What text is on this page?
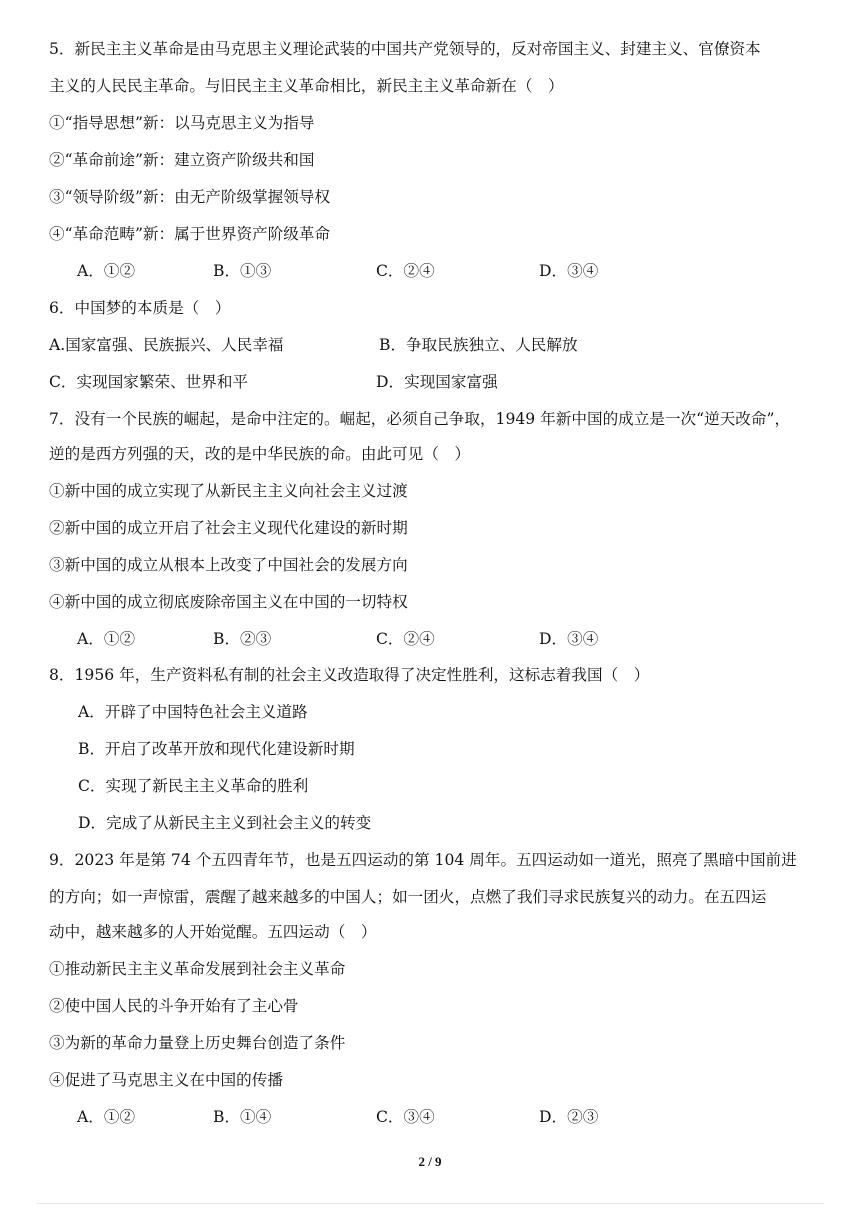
5．新民主主义革命是由马克思主义理论武装的中国共产党领导的，反对帝国主义、封建主义、官僚资本
主义的人民民主革命。与旧民主主义革命相比，新民主主义革命新在（　）
①“指导思想”新：以马克思主义为指导
②“革命前途”新：建立资产阶级共和国
③“领导阶级”新：由无产阶级掌握领导权
④“革命范畴”新：属于世界资产阶级革命
A．①②	B．①③	C．②④	D．③④
6．中国梦的本质是（　）
A.国家富强、民族振兴、人民幸福	B．争取民族独立、人民解放
C．实现国家繁荣、世界和平	D．实现国家富强
7．没有一个民族的崛起，是命中注定的。崛起，必须自己争取，1949 年新中国的成立是一次“逆天改命”，
逆的是西方列强的天，改的是中华民族的命。由此可见（　）
①新中国的成立实现了从新民主主义向社会主义过渡
②新中国的成立开启了社会主义现代化建设的新时期
③新中国的成立从根本上改变了中国社会的发展方向
④新中国的成立彻底废除帝国主义在中国的一切特权
A．①②	B．②③	C．②④	D．③④
8．1956 年，生产资料私有制的社会主义改造取得了决定性胜利，这标志着我国（　）
A．开辟了中国特色社会主义道路
B．开启了改革开放和现代化建设新时期
C．实现了新民主主义革命的胜利
D．完成了从新民主主义到社会主义的转变
9．2023 年是第 74 个五四青年节，也是五四运动的第 104 周年。五四运动如一道光，照亮了黑暗中国前进
的方向；如一声惊雷，震醒了越来越多的中国人；如一团火，点燃了我们寻求民族复兴的动力。在五四运
动中，越来越多的人开始觉醒。五四运动（　）
①推动新民主主义革命发展到社会主义革命
②使中国人民的斗争开始有了主心骨
③为新的革命力量登上历史舞台创造了条件
④促进了马克思主义在中国的传播
A．①②	B．①④	C．③④	D．②③
2 / 9
